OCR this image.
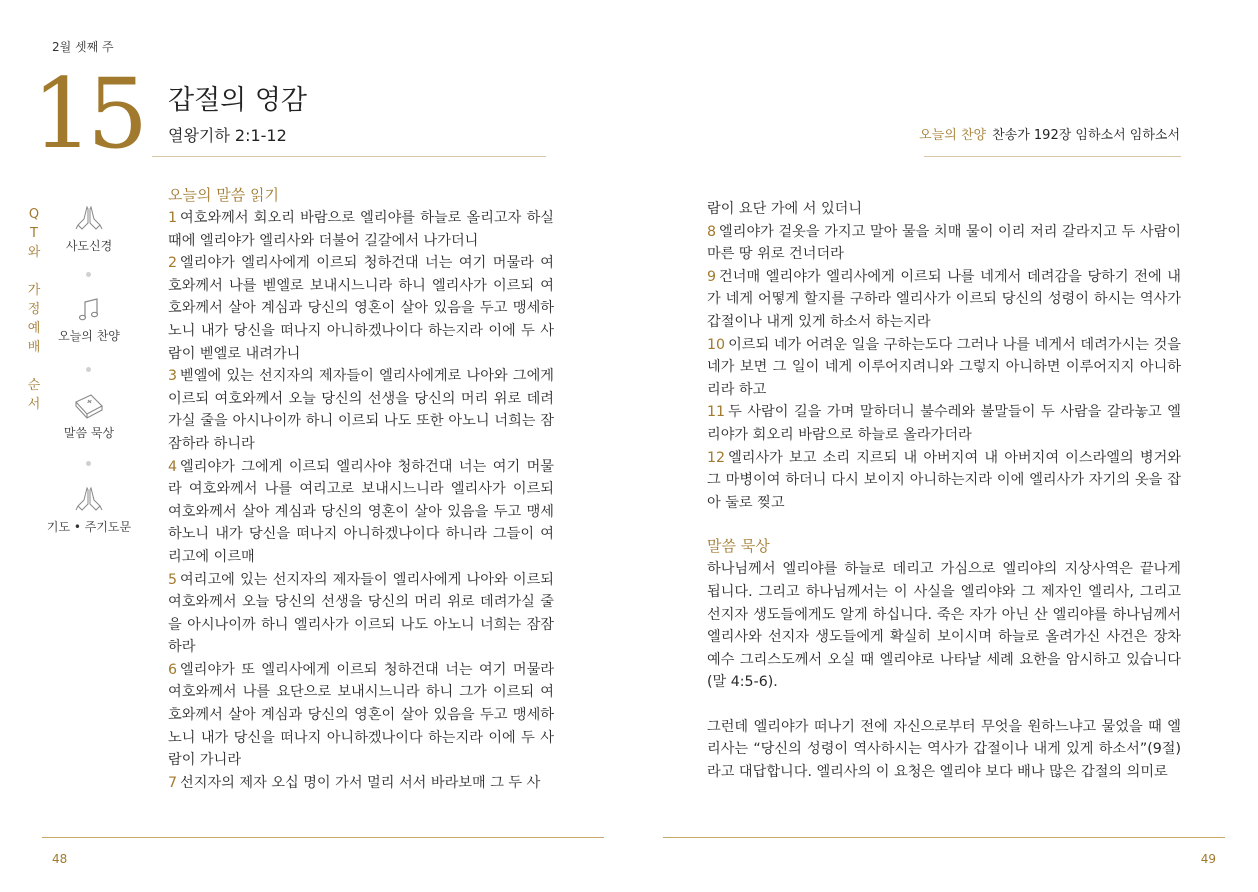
2월 셋째 주
15 갑절의 영감
열왕기하 2:1-12	오늘의 찬양 찬송가 192장 임하소서 임하소서
Q
T
와
가
정
예
배
순
서
사도신경
오늘의 찬양
말씀 묵상
기도 • 주기도문

오늘의 말씀 읽기

1 여호와께서 회오리 바람으로 엘리야를 하늘로 올리고자 하실 때에 엘리야가 엘리사와 더불어 길갈에서 나가더니

2 엘리야가 엘리사에게 이르되 청하건대 너는 여기 머물라 여호와께서 나를 벧엘로 보내시느니라 하니 엘리사가 이르되 여호와께서 살아 계심과 당신의 영혼이 살아 있음을 두고 맹세하노니 내가 당신을 떠나지 아니하겠나이다 하는지라 이에 두 사람이 벧엘로 내려가니

3 벧엘에 있는 선지자의 제자들이 엘리사에게로 나아와 그에게 이르되 여호와께서 오늘 당신의 선생을 당신의 머리 위로 데려가실 줄을 아시나이까 하니 이르되 나도 또한 아노니 너희는 잠잠하라 하니라

4 엘리야가 그에게 이르되 엘리사야 청하건대 너는 여기 머물라 여호와께서 나를 여리고로 보내시느니라 엘리사가 이르되 여호와께서 살아 계심과 당신의 영혼이 살아 있음을 두고 맹세하노니 내가 당신을 떠나지 아니하겠나이다 하니라 그들이 여리고에 이르매

5 여리고에 있는 선지자의 제자들이 엘리사에게 나아와 이르되 여호와께서 오늘 당신의 선생을 당신의 머리 위로 데려가실 줄을 아시나이까 하니 엘리사가 이르되 나도 아노니 너희는 잠잠하라

6 엘리야가 또 엘리사에게 이르되 청하건대 너는 여기 머물라 여호와께서 나를 요단으로 보내시느니라 하니 그가 이르되 여호와께서 살아 계심과 당신의 영혼이 살아 있음을 두고 맹세하노니 내가 당신을 떠나지 아니하겠나이다 하는지라 이에 두 사람이 가니라

7 선지자의 제자 오십 명이 가서 멀리 서서 바라보매 그 두 사

람이 요단 가에 서 있더니

8 엘리야가 겉옷을 가지고 말아 물을 치매 물이 이리 저리 갈라지고 두 사람이 마른 땅 위로 건너더라

9 건너매 엘리야가 엘리사에게 이르되 나를 네게서 데려감을 당하기 전에 내가 네게 어떻게 할지를 구하라 엘리사가 이르되 당신의 성령이 하시는 역사가 갑절이나 내게 있게 하소서 하는지라

10 이르되 네가 어려운 일을 구하는도다 그러나 나를 네게서 데려가시는 것을 네가 보면 그 일이 네게 이루어지려니와 그렇지 아니하면 이루어지지 아니하리라 하고

11 두 사람이 길을 가며 말하더니 불수레와 불말들이 두 사람을 갈라놓고 엘리야가 회오리 바람으로 하늘로 올라가더라

12 엘리사가 보고 소리 지르되 내 아버지여 내 아버지여 이스라엘의 병거와 그 마병이여 하더니 다시 보이지 아니하는지라 이에 엘리사가 자기의 옷을 잡아 둘로 찢고

말씀 묵상

하나님께서 엘리야를 하늘로 데리고 가심으로 엘리야의 지상사역은 끝나게 됩니다. 그리고 하나님께서는 이 사실을 엘리야와 그 제자인 엘리사, 그리고 선지자 생도들에게도 알게 하십니다. 죽은 자가 아닌 산 엘리야를 하나님께서 엘리사와 선지자 생도들에게 확실히 보이시며 하늘로 올려가신 사건은 장차 예수 그리스도께서 오실 때 엘리야로 나타날 세례 요한을 암시하고 있습니다(말 4:5-6).

그런데 엘리야가 떠나기 전에 자신으로부터 무엇을 원하느냐고 물었을 때 엘리사는 “당신의 성령이 역사하시는 역사가 갑절이나 내게 있게 하소서”(9절)라고 대답합니다. 엘리사의 이 요청은 엘리야 보다 배나 많은 갑절의 의미로

48	49
